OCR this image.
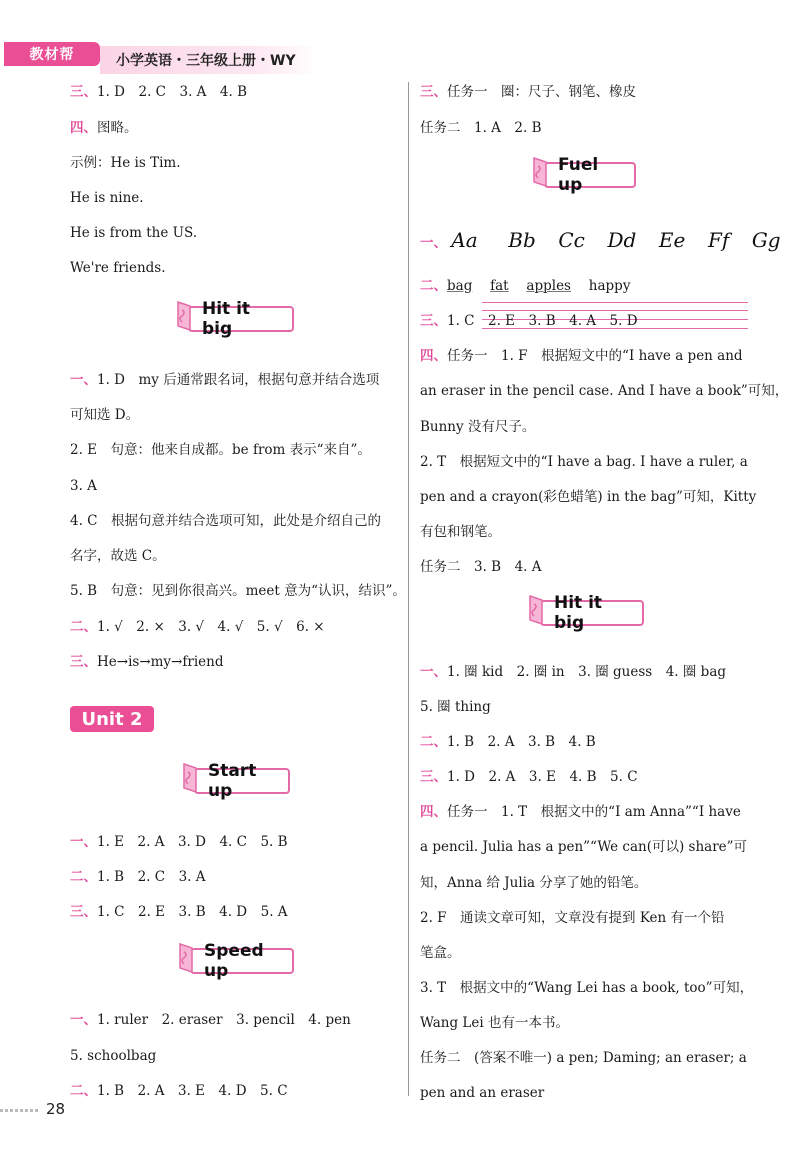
教材帮	小学英语・三年级上册・WY
三、1. D　2. C　3. A　4. B
四、图略。
示例：He is Tim.
He is nine.
He is from the US.
We're friends.
Hit it big
一、1. D　my 后通常跟名词，根据句意并结合选项
可知选 D。
2. E　句意：他来自成都。be from 表示“来自”。
3. A
4. C　根据句意并结合选项可知，此处是介绍自己的
名字，故选 C。
5. B　句意：见到你很高兴。meet 意为“认识，结识”。
二、1. √　2. ×　3. √　4. √　5. √　6. ×
三、He→is→my→friend
Start up
一、1. E　2. A　3. D　4. C　5. B
二、1. B　2. C　3. A
三、1. C　2. E　3. B　4. D　5. A
Speed up
一、1. ruler　2. eraser　3. pencil　4. pen
5. schoolbag
二、1. B　2. A　3. E　4. D　5. C
Unit 2
三、任务一　圈：尺子、钢笔、橡皮
任务二　1. A　2. B
Fuel up
一、 Aa Bb Cc Dd Ee Ff Gg
二、bag　 fat　 apples　 happy
三、1. C　2. E　3. B　4. A　5. D
四、任务一　1. F　根据短文中的“I have a pen and
an eraser in the pencil case. And I have a book”可知，
Bunny 没有尺子。
2. T　根据短文中的“I have a bag. I have a ruler, a
pen and a crayon(彩色蜡笔) in the bag”可知，Kitty
有包和钢笔。
任务二　3. B　4. A
Hit it big
一、1. 圈 kid　2. 圈 in　3. 圈 guess　4. 圈 bag
5. 圈 thing
二、1. B　2. A　3. B　4. B
三、1. D　2. A　3. E　4. B　5. C
四、任务一　1. T　根据文中的“I am Anna”“I have
a pencil. Julia has a pen”“We can(可以) share”可
知，Anna 给 Julia 分享了她的铅笔。
2. F　通读文章可知，文章没有提到 Ken 有一个铅
笔盒。
3. T　根据文中的“Wang Lei has a book, too”可知，
Wang Lei 也有一本书。
任务二　(答案不唯一) a pen; Daming; an eraser; a
pen and an eraser
28
